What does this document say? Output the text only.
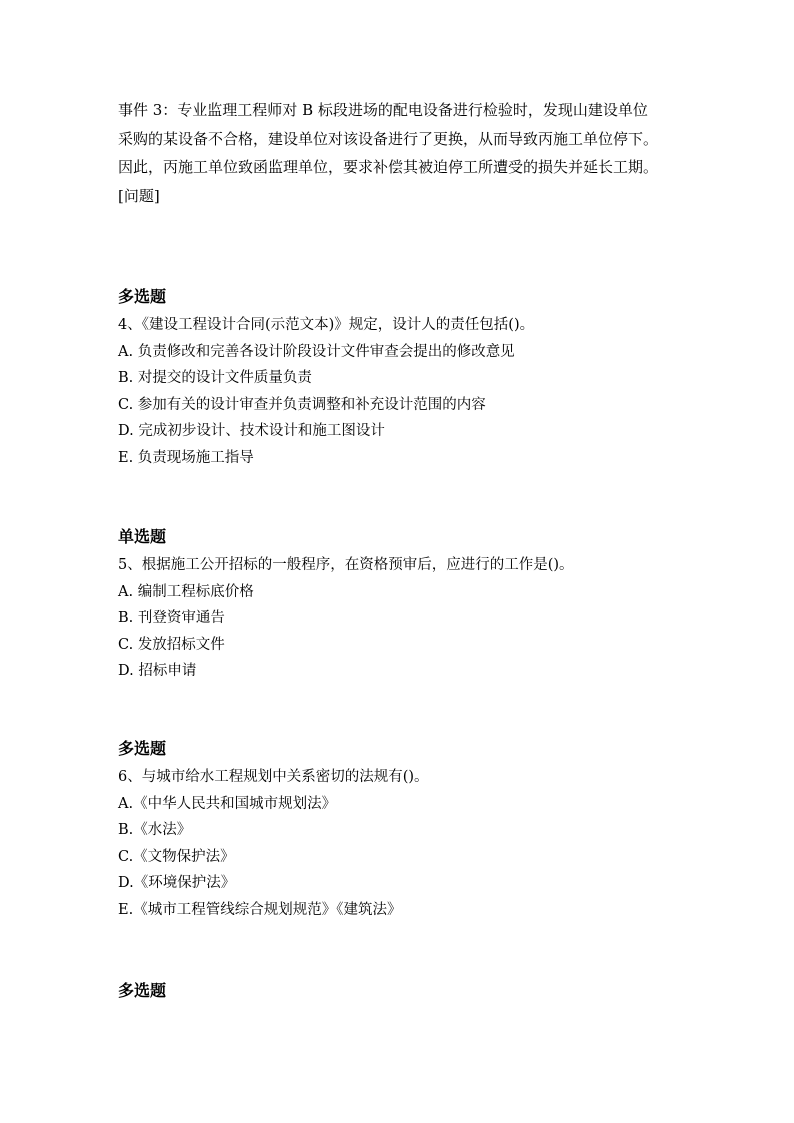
事件 3：专业监理工程师对 B 标段进场的配电设备进行检验时，发现山建设单位

采购的某设备不合格，建设单位对该设备进行了更换，从而导致丙施工单位停下。

因此，丙施工单位致函监理单位，要求补偿其被迫停工所遭受的损失并延长工期。

[问题]

多选题

4、《建设工程设计合同(示范文本)》规定，设计人的责任包括()。

A. 负责修改和完善各设计阶段设计文件审查会提出的修改意见

B. 对提交的设计文件质量负责

C. 参加有关的设计审查并负责调整和补充设计范围的内容

D. 完成初步设计、技术设计和施工图设计

E. 负责现场施工指导

单选题

5、根据施工公开招标的一般程序，在资格预审后，应进行的工作是()。

A. 编制工程标底价格

B. 刊登资审通告

C. 发放招标文件

D. 招标申请

多选题

6、与城市给水工程规划中关系密切的法规有()。

A.《中华人民共和国城市规划法》

B.《水法》

C.《文物保护法》

D.《环境保护法》

E.《城市工程管线综合规划规范》《建筑法》

多选题
